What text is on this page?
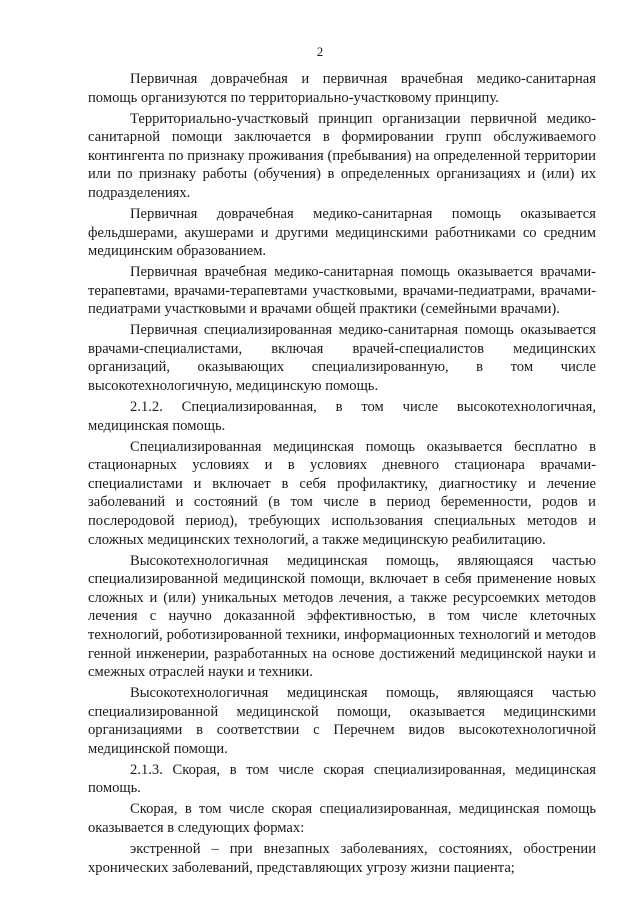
2

Первичная доврачебная и первичная врачебная медико-санитарная помощь организуются по территориально-участковому принципу.

Территориально-участковый принцип организации первичной медико-санитарной помощи заключается в формировании групп обслуживаемого контингента по признаку проживания (пребывания) на определенной территории или по признаку работы (обучения) в определенных организациях и (или) их подразделениях.

Первичная доврачебная медико-санитарная помощь оказывается фельдшерами, акушерами и другими медицинскими работниками со средним медицинским образованием.

Первичная врачебная медико-санитарная помощь оказывается врачами-терапевтами, врачами-терапевтами участковыми, врачами-педиатрами, врачами-педиатрами участковыми и врачами общей практики (семейными врачами).

Первичная специализированная медико-санитарная помощь оказывается врачами-специалистами, включая врачей-специалистов медицинских организаций, оказывающих специализированную, в том числе высокотехнологичную, медицинскую помощь.

2.1.2. Специализированная, в том числе высокотехнологичная, медицинская помощь.

Специализированная медицинская помощь оказывается бесплатно в стационарных условиях и в условиях дневного стационара врачами-специалистами и включает в себя профилактику, диагностику и лечение заболеваний и состояний (в том числе в период беременности, родов и послеродовой период), требующих использования специальных методов и сложных медицинских технологий, а также медицинскую реабилитацию.

Высокотехнологичная медицинская помощь, являющаяся частью специализированной медицинской помощи, включает в себя применение новых сложных и (или) уникальных методов лечения, а также ресурсоемких методов лечения с научно доказанной эффективностью, в том числе клеточных технологий, роботизированной техники, информационных технологий и методов генной инженерии, разработанных на основе достижений медицинской науки и смежных отраслей науки и техники.

Высокотехнологичная медицинская помощь, являющаяся частью специализированной медицинской помощи, оказывается медицинскими организациями в соответствии с Перечнем видов высокотехнологичной медицинской помощи.

2.1.3. Скорая, в том числе скорая специализированная, медицинская помощь.

Скорая, в том числе скорая специализированная, медицинская помощь оказывается в следующих формах:

экстренной – при внезапных заболеваниях, состояниях, обострении хронических заболеваний, представляющих угрозу жизни пациента;
